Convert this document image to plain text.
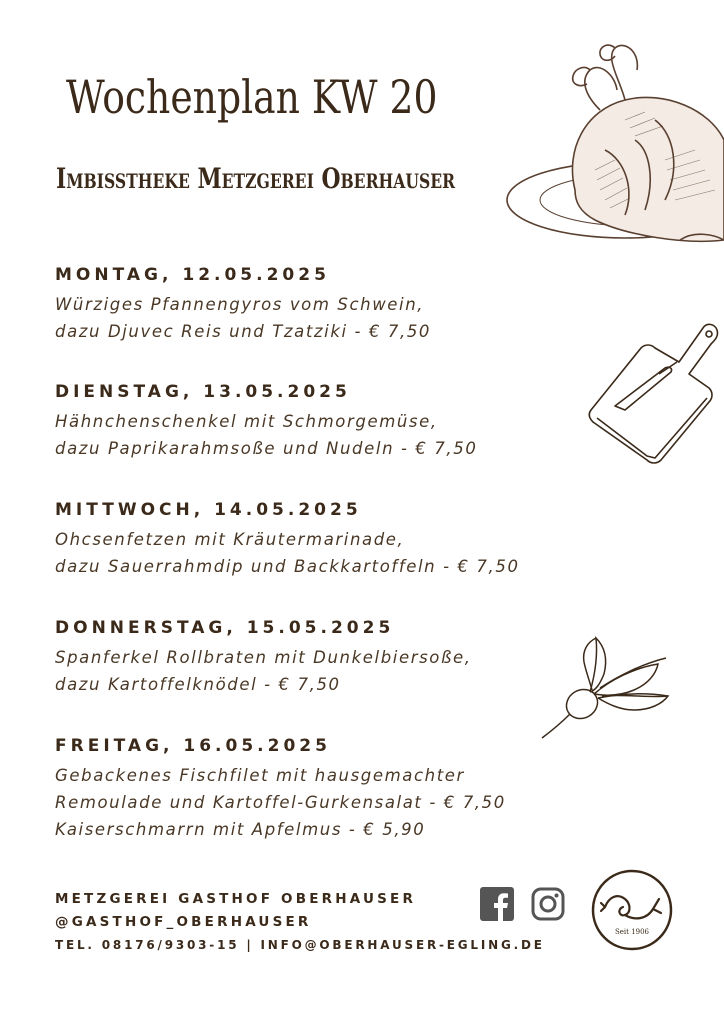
Wochenplan KW 20
Imbisstheke Metzgerei Oberhauser
MONTAG, 12.05.2025
Würziges Pfannengyros vom Schwein,
dazu Djuvec Reis und Tzatziki - € 7,50
DIENSTAG, 13.05.2025
Hähnchenschenkel mit Schmorgemüse,
dazu Paprikarahmsoße und Nudeln - € 7,50
MITTWOCH, 14.05.2025
Ohcsenfetzen mit Kräutermarinade,
dazu Sauerrahmdip und Backkartoffeln - € 7,50
DONNERSTAG, 15.05.2025
Spanferkel Rollbraten mit Dunkelbiersoße,
dazu Kartoffelknödel - € 7,50
FREITAG, 16.05.2025
Gebackenes Fischfilet mit hausgemachter
Remoulade und Kartoffel-Gurkensalat - € 7,50
Kaiserschmarrn mit Apfelmus - € 5,90
METZGEREI GASTHOF OBERHAUSER
@GASTHOF_OBERHAUSER
TEL. 08176/9303-15 | INFO@OBERHAUSER-EGLING.DE
Seit 1906
